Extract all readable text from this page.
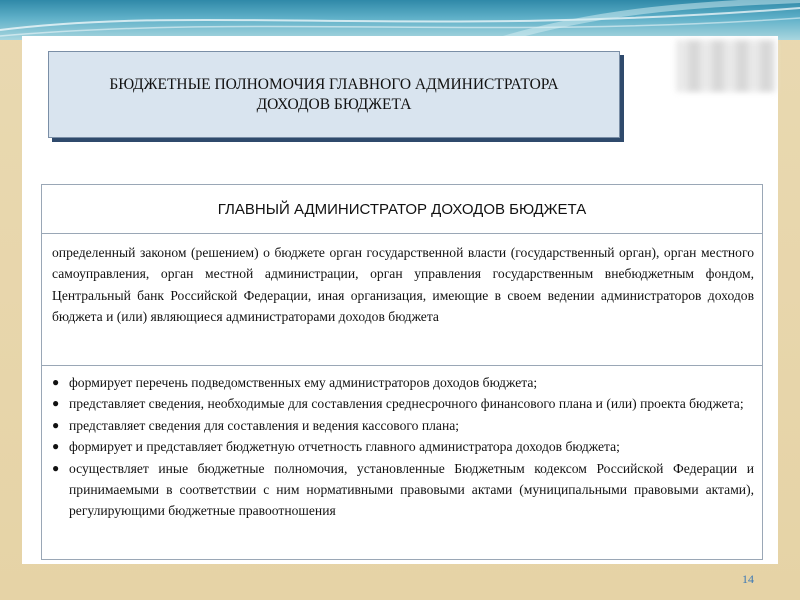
БЮДЖЕТНЫЕ ПОЛНОМОЧИЯ ГЛАВНОГО АДМИНИСТРАТОРА
ДОХОДОВ БЮДЖЕТА
ГЛАВНЫЙ АДМИНИСТРАТОР ДОХОДОВ БЮДЖЕТА
определенный законом (решением) о бюджете орган государственной власти (государственный орган), орган местного самоуправления, орган местной администрации, орган управления государственным внебюджетным фондом, Центральный банк Российской Федерации, иная организация, имеющие в своем ведении администраторов доходов бюджета и (или) являющиеся администраторами доходов бюджета
● формирует перечень подведомственных ему администраторов доходов бюджета;
● представляет сведения, необходимые для составления среднесрочного финансового плана и (или) проекта бюджета;
● представляет сведения для составления и ведения кассового плана;
● формирует и представляет бюджетную отчетность главного администратора доходов бюджета;
● осуществляет иные бюджетные полномочия, установленные Бюджетным кодексом Российской Федерации и принимаемыми в соответствии с ним нормативными правовыми актами (муниципальными правовыми актами), регулирующими бюджетные правоотношения
14
